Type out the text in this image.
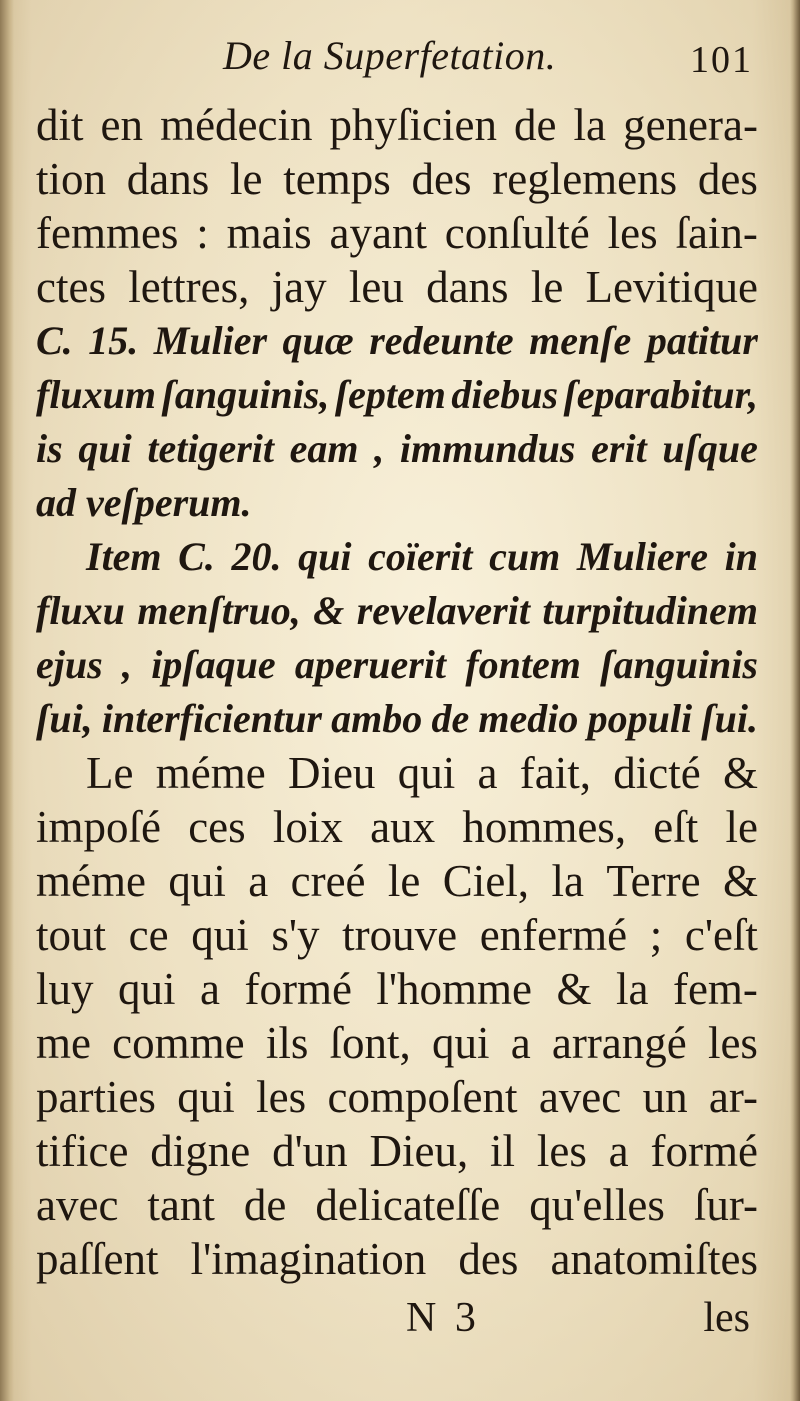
De la Superfetation.	101
dit en médecin phyſicien de la genera-
tion dans le temps des reglemens des
femmes : mais ayant conſulté les ſain-
ctes lettres, jay leu dans le Levitique
C. 15. Mulier quæ redeunte menſe patitur
fluxum ſanguinis, ſeptem diebus ſeparabitur,
is qui tetigerit eam , immundus erit uſque
ad veſperum.
Item C. 20. qui coïerit cum Muliere in
fluxu menſtruo, & revelaverit turpitudinem
ejus , ipſaque aperuerit fontem ſanguinis
ſui, interficientur ambo de medio populi ſui.
Le méme Dieu qui a fait, dicté &
impoſé ces loix aux hommes, eſt le
méme qui a creé le Ciel, la Terre &
tout ce qui s'y trouve enfermé ; c'eſt
luy qui a formé l'homme & la fem-
me comme ils ſont, qui a arrangé les
parties qui les compoſent avec un ar-
tifice digne d'un Dieu, il les a formé
avec tant de delicateſſe qu'elles ſur-
paſſent l'imagination des anatomiſtes
N 3	les
